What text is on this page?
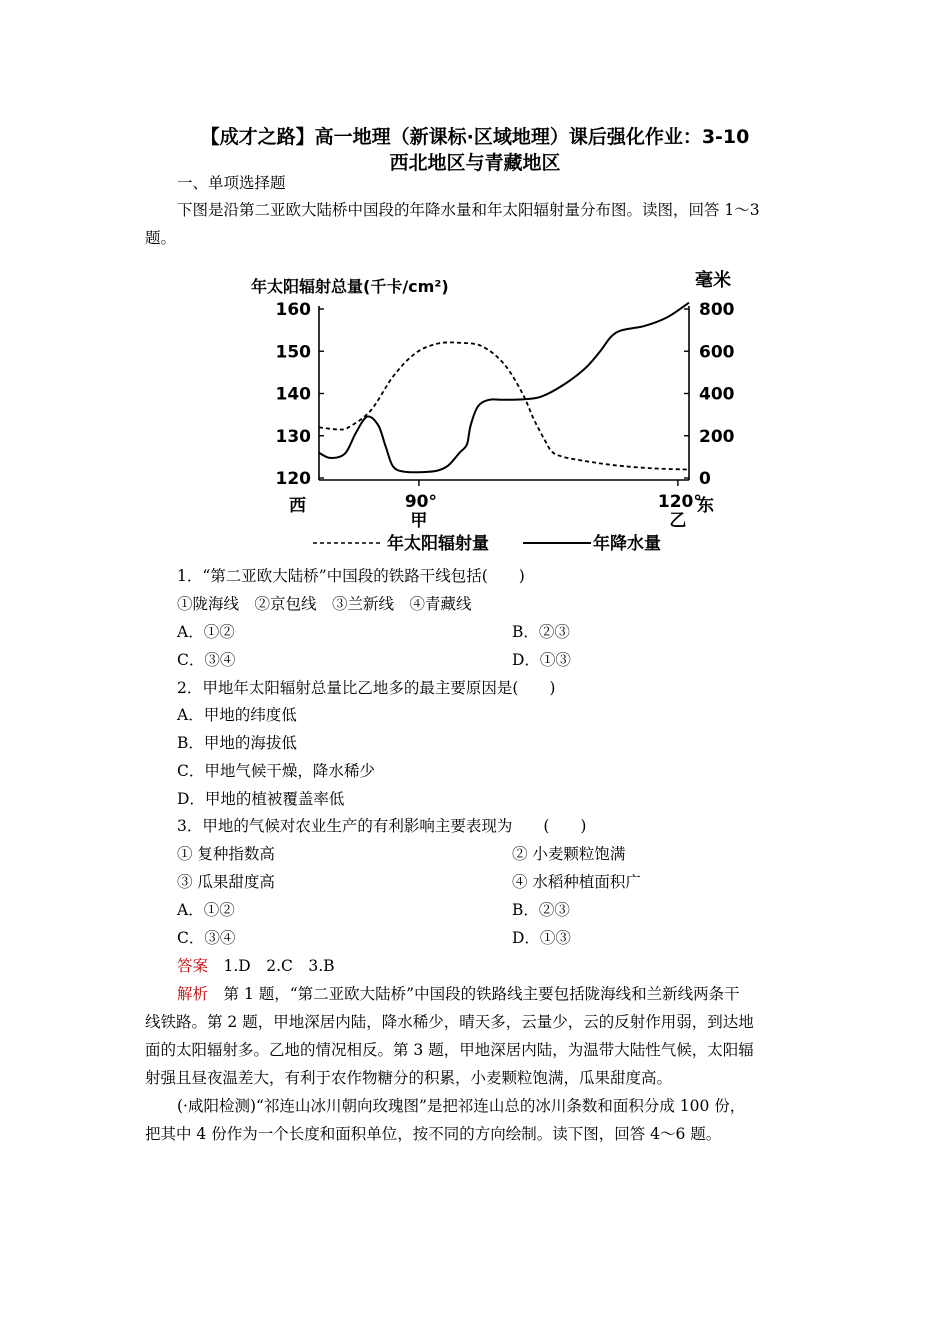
【成才之路】高一地理（新课标·区域地理）课后强化作业：3-10
西北地区与青藏地区
一、单项选择题
下图是沿第二亚欧大陆桥中国段的年降水量和年太阳辐射量分布图。读图，回答 1～3
题。
年太阳辐射总量(千卡/cm²)	毫米
160
150
140
130
120
800
600
400
200
0
90°
甲
120°
乙
西	东
年太阳辐射量	年降水量
1．“第二亚欧大陆桥”中国段的铁路干线包括(　　)
①陇海线　②京包线　③兰新线　④青藏线
A．①②	B．②③
C．③④	D．①③
2．甲地年太阳辐射总量比乙地多的最主要原因是(　　)
A．甲地的纬度低
B．甲地的海拔低
C．甲地气候干燥，降水稀少
D．甲地的植被覆盖率低
3．甲地的气候对农业生产的有利影响主要表现为　　(　　)
① 复种指数高	② 小麦颗粒饱满
③ 瓜果甜度高	④ 水稻种植面积广
A．①②	B．②③
C．③④	D．①③
答案　1.D　2.C　3.B
解析　第 1 题，“第二亚欧大陆桥”中国段的铁路线主要包括陇海线和兰新线两条干
线铁路。第 2 题，甲地深居内陆，降水稀少，晴天多，云量少，云的反射作用弱，到达地
面的太阳辐射多。乙地的情况相反。第 3 题，甲地深居内陆，为温带大陆性气候，太阳辐
射强且昼夜温差大，有利于农作物糖分的积累，小麦颗粒饱满，瓜果甜度高。
(·咸阳检测)“祁连山冰川朝向玫瑰图”是把祁连山总的冰川条数和面积分成 100 份，
把其中 4 份作为一个长度和面积单位，按不同的方向绘制。读下图，回答 4～6 题。
